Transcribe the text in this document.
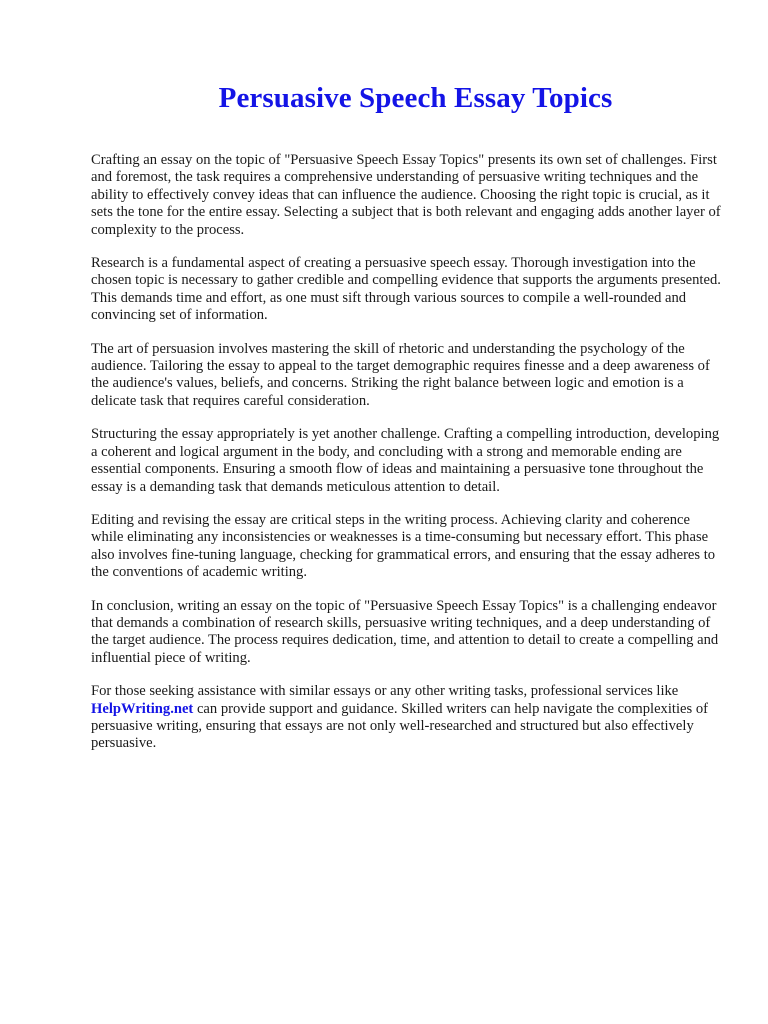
Persuasive Speech Essay Topics

Crafting an essay on the topic of "Persuasive Speech Essay Topics" presents its own set of challenges. First and foremost, the task requires a comprehensive understanding of persuasive writing techniques and the ability to effectively convey ideas that can influence the audience. Choosing the right topic is crucial, as it sets the tone for the entire essay. Selecting a subject that is both relevant and engaging adds another layer of complexity to the process.

Research is a fundamental aspect of creating a persuasive speech essay. Thorough investigation into the chosen topic is necessary to gather credible and compelling evidence that supports the arguments presented. This demands time and effort, as one must sift through various sources to compile a well-rounded and convincing set of information.

The art of persuasion involves mastering the skill of rhetoric and understanding the psychology of the audience. Tailoring the essay to appeal to the target demographic requires finesse and a deep awareness of the audience's values, beliefs, and concerns. Striking the right balance between logic and emotion is a delicate task that requires careful consideration.

Structuring the essay appropriately is yet another challenge. Crafting a compelling introduction, developing a coherent and logical argument in the body, and concluding with a strong and memorable ending are essential components. Ensuring a smooth flow of ideas and maintaining a persuasive tone throughout the essay is a demanding task that demands meticulous attention to detail.

Editing and revising the essay are critical steps in the writing process. Achieving clarity and coherence while eliminating any inconsistencies or weaknesses is a time-consuming but necessary effort. This phase also involves fine-tuning language, checking for grammatical errors, and ensuring that the essay adheres to the conventions of academic writing.

In conclusion, writing an essay on the topic of "Persuasive Speech Essay Topics" is a challenging endeavor that demands a combination of research skills, persuasive writing techniques, and a deep understanding of the target audience. The process requires dedication, time, and attention to detail to create a compelling and influential piece of writing.

For those seeking assistance with similar essays or any other writing tasks, professional services like HelpWriting.net can provide support and guidance. Skilled writers can help navigate the complexities of persuasive writing, ensuring that essays are not only well-researched and structured but also effectively persuasive.
